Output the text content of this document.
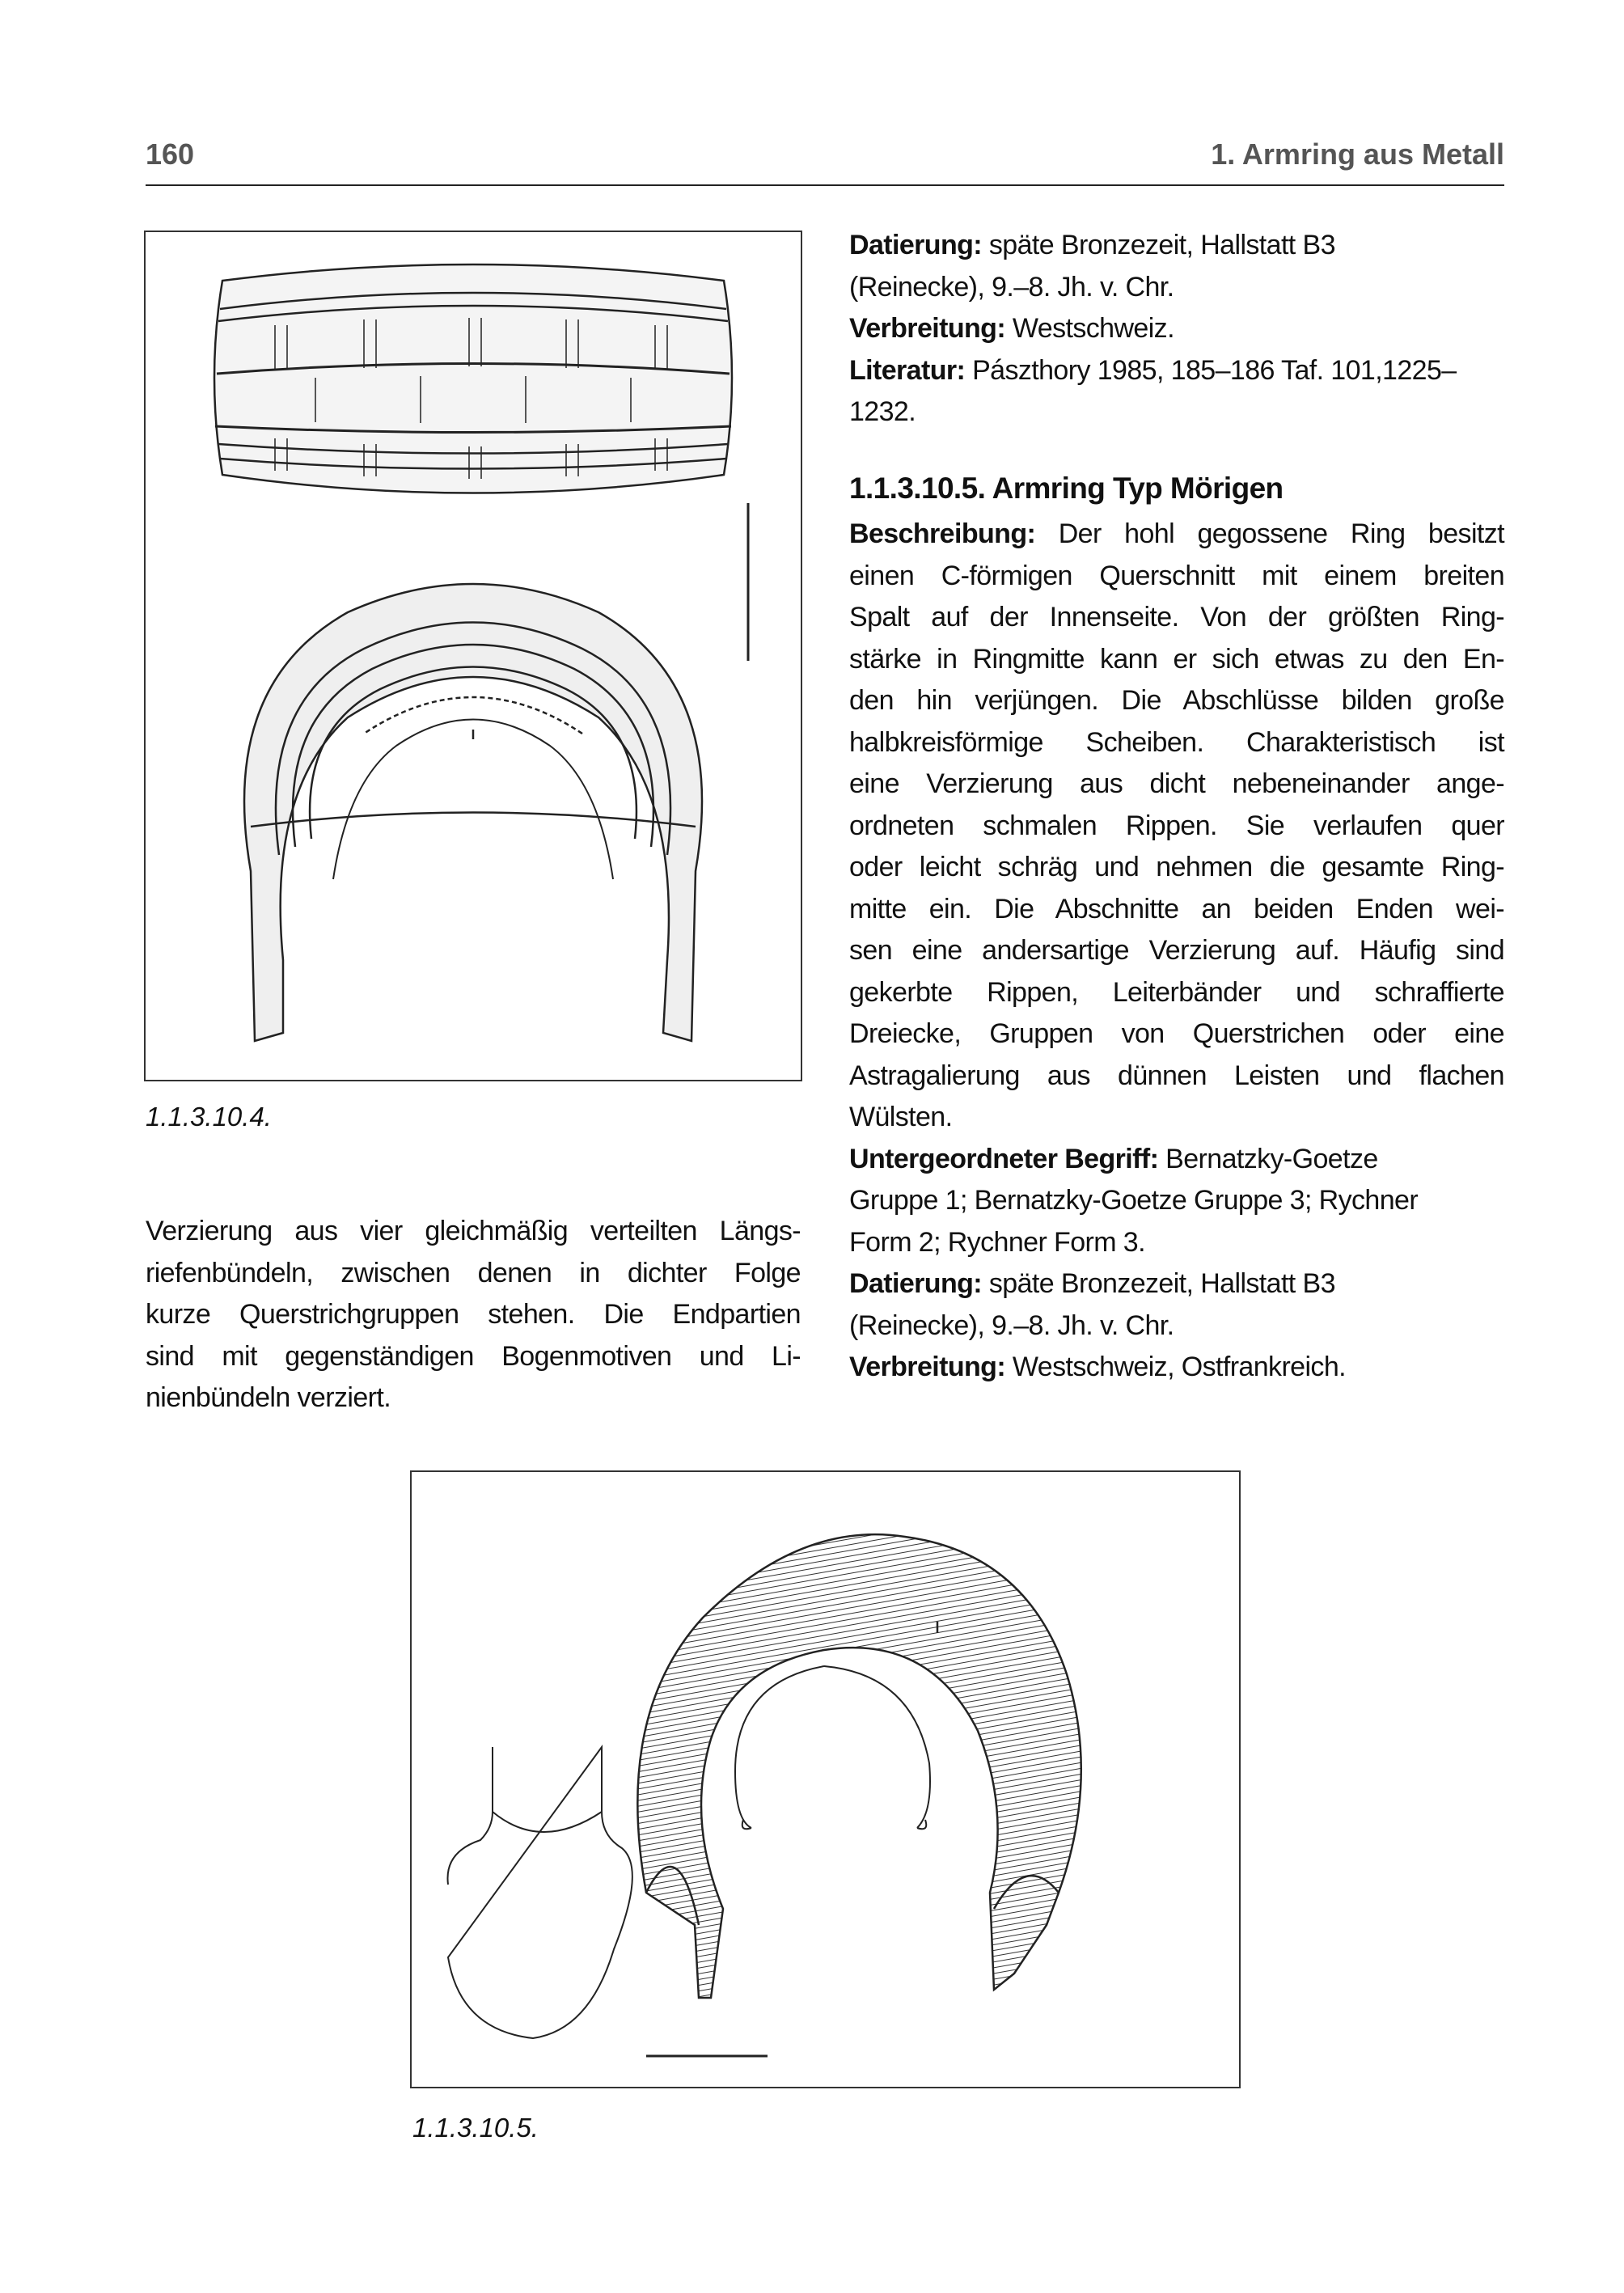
160	1. Armring aus Metall
1.1.3.10.4.
Verzierung aus vier gleichmäßig verteilten Längs-
riefenbündeln, zwischen denen in dichter Folge
kurze Querstrichgruppen stehen. Die Endpartien
sind mit gegenständigen Bogenmotiven und Li-
nienbündeln verziert.
Datierung: späte Bronzezeit, Hallstatt B3
(Reinecke), 9.–8. Jh. v. Chr.
Verbreitung: Westschweiz.
Literatur: Pászthory 1985, 185–186 Taf. 101,1225–
1232.
1.1.3.10.5. Armring Typ Mörigen
Beschreibung: Der hohl gegossene Ring besitzt
einen C-förmigen Querschnitt mit einem breiten
Spalt auf der Innenseite. Von der größten Ring-
stärke in Ringmitte kann er sich etwas zu den En-
den hin verjüngen. Die Abschlüsse bilden große
halbkreisförmige Scheiben. Charakteristisch ist
eine Verzierung aus dicht nebeneinander ange-
ordneten schmalen Rippen. Sie verlaufen quer
oder leicht schräg und nehmen die gesamte Ring-
mitte ein. Die Abschnitte an beiden Enden wei-
sen eine andersartige Verzierung auf. Häufig sind
gekerbte Rippen, Leiterbänder und schraffierte
Dreiecke, Gruppen von Querstrichen oder eine
Astragalierung aus dünnen Leisten und flachen
Wülsten.
Untergeordneter Begriff: Bernatzky-Goetze
Gruppe 1; Bernatzky-Goetze Gruppe 3; Rychner
Form 2; Rychner Form 3.
Datierung: späte Bronzezeit, Hallstatt B3
(Reinecke), 9.–8. Jh. v. Chr.
Verbreitung: Westschweiz, Ostfrankreich.
1.1.3.10.5.
